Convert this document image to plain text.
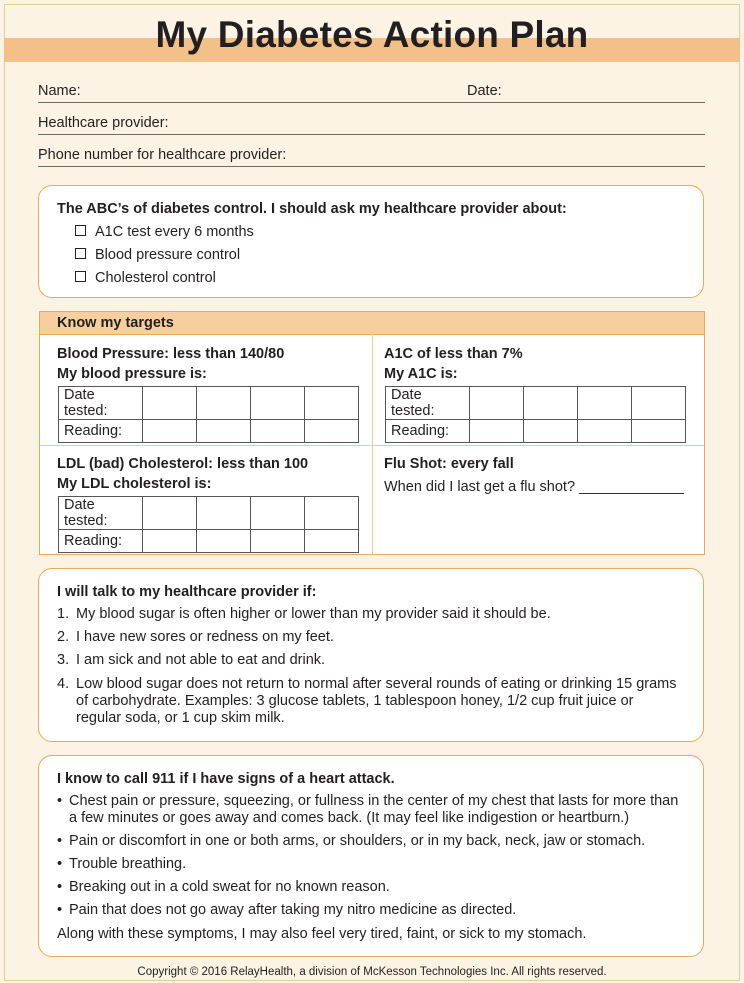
My Diabetes Action Plan
Name:	Date:
Healthcare provider:
Phone number for healthcare provider:
The ABC’s of diabetes control. I should ask my healthcare provider about:
A1C test every 6 months
Blood pressure control
Cholesterol control
Know my targets
Blood Pressure: less than 140/80
My blood pressure is:
Date tested:				
Reading:				
A1C of less than 7%
My A1C is:
Date tested:				
Reading:				
LDL (bad) Cholesterol: less than 100
My LDL cholesterol is:
Date tested:				
Reading:				
Flu Shot: every fall
When did I last get a flu shot? _____________
I will talk to my healthcare provider if:
1. My blood sugar is often higher or lower than my provider said it should be.
2. I have new sores or redness on my feet.
3. I am sick and not able to eat and drink.
4. Low blood sugar does not return to normal after several rounds of eating or drinking 15 grams
of carbohydrate. Examples: 3 glucose tablets, 1 tablespoon honey, 1/2 cup fruit juice or
regular soda, or 1 cup skim milk.
I know to call 911 if I have signs of a heart attack.
• Chest pain or pressure, squeezing, or fullness in the center of my chest that lasts for more than
a few minutes or goes away and comes back. (It may feel like indigestion or heartburn.)
• Pain or discomfort in one or both arms, or shoulders, or in my back, neck, jaw or stomach.
• Trouble breathing.
• Breaking out in a cold sweat for no known reason.
• Pain that does not go away after taking my nitro medicine as directed.
Along with these symptoms, I may also feel very tired, faint, or sick to my stomach.
Copyright © 2016 RelayHealth, a division of McKesson Technologies Inc. All rights reserved.
